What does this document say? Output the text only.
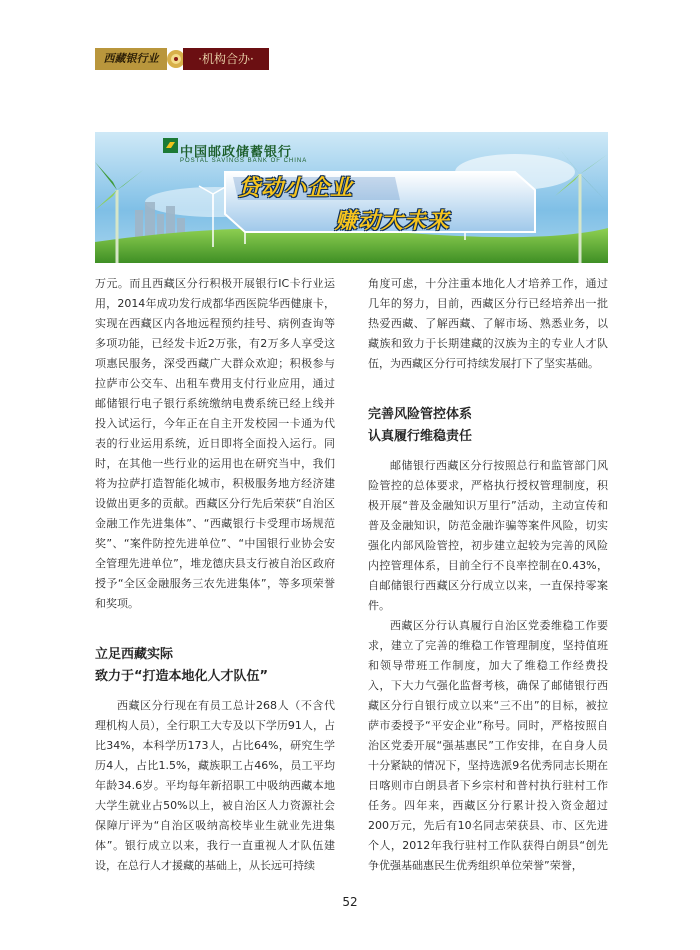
西藏银行业	·机构合办·
中国邮政储蓄银行
POSTAL SAVINGS BANK OF CHINA
贷动小企业
赚动大未来

万元。而且西藏区分行积极开展银行IC卡行业运用，2014年成功发行成都华西医院华西健康卡，实现在西藏区内各地远程预约挂号、病例查询等多项功能，已经发卡近2万张，有2万多人享受这项惠民服务，深受西藏广大群众欢迎；积极参与拉萨市公交车、出租车费用支付行业应用，通过邮储银行电子银行系统缴纳电费系统已经上线并投入试运行，今年正在自主开发校园一卡通为代表的行业运用系统，近日即将全面投入运行。同时，在其他一些行业的运用也在研究当中，我们将为拉萨打造智能化城市，积极服务地方经济建设做出更多的贡献。西藏区分行先后荣获“自治区金融工作先进集体”、“西藏银行卡受理市场规范奖”、“案件防控先进单位”、“中国银行业协会安全管理先进单位”，堆龙德庆县支行被自治区政府授予“全区金融服务三农先进集体”，等多项荣誉和奖项。

立足西藏实际

致力于“打造本地化人才队伍”

西藏区分行现在有员工总计268人（不含代理机构人员），全行职工大专及以下学历91人，占比34%，本科学历173人，占比64%，研究生学历4人，占比1.5%，藏族职工占46%，员工平均年龄34.6岁。平均每年新招职工中吸纳西藏本地大学生就业占50%以上，被自治区人力资源社会保障厅评为“自治区吸纳高校毕业生就业先进集体”。银行成立以来，我行一直重视人才队伍建设，在总行人才援藏的基础上，从长远可持续

角度可虑，十分注重本地化人才培养工作，通过几年的努力，目前，西藏区分行已经培养出一批热爱西藏、了解西藏、了解市场、熟悉业务，以藏族和致力于长期建藏的汉族为主的专业人才队伍，为西藏区分行可持续发展打下了坚实基础。

完善风险管控体系

认真履行维稳责任

邮储银行西藏区分行按照总行和监管部门风险管控的总体要求，严格执行授权管理制度，积极开展“普及金融知识万里行”活动，主动宣传和普及金融知识，防范金融诈骗等案件风险，切实强化内部风险管控，初步建立起较为完善的风险内控管理体系，目前全行不良率控制在0.43%，自邮储银行西藏区分行成立以来，一直保持零案件。

西藏区分行认真履行自治区党委维稳工作要求，建立了完善的维稳工作管理制度，坚持值班和领导带班工作制度，加大了维稳工作经费投入，下大力气强化监督考核，确保了邮储银行西藏区分行自银行成立以来“三不出”的目标，被拉萨市委授予“平安企业”称号。同时，严格按照自治区党委开展“强基惠民”工作安排，在自身人员十分紧缺的情况下，坚持选派9名优秀同志长期在日喀则市白朗县者下乡宗村和普村执行驻村工作任务。四年来，西藏区分行累计投入资金超过200万元，先后有10名同志荣获县、市、区先进个人，2012年我行驻村工作队获得白朗县“创先争优强基础惠民生优秀组织单位荣誉”荣誉，

52
